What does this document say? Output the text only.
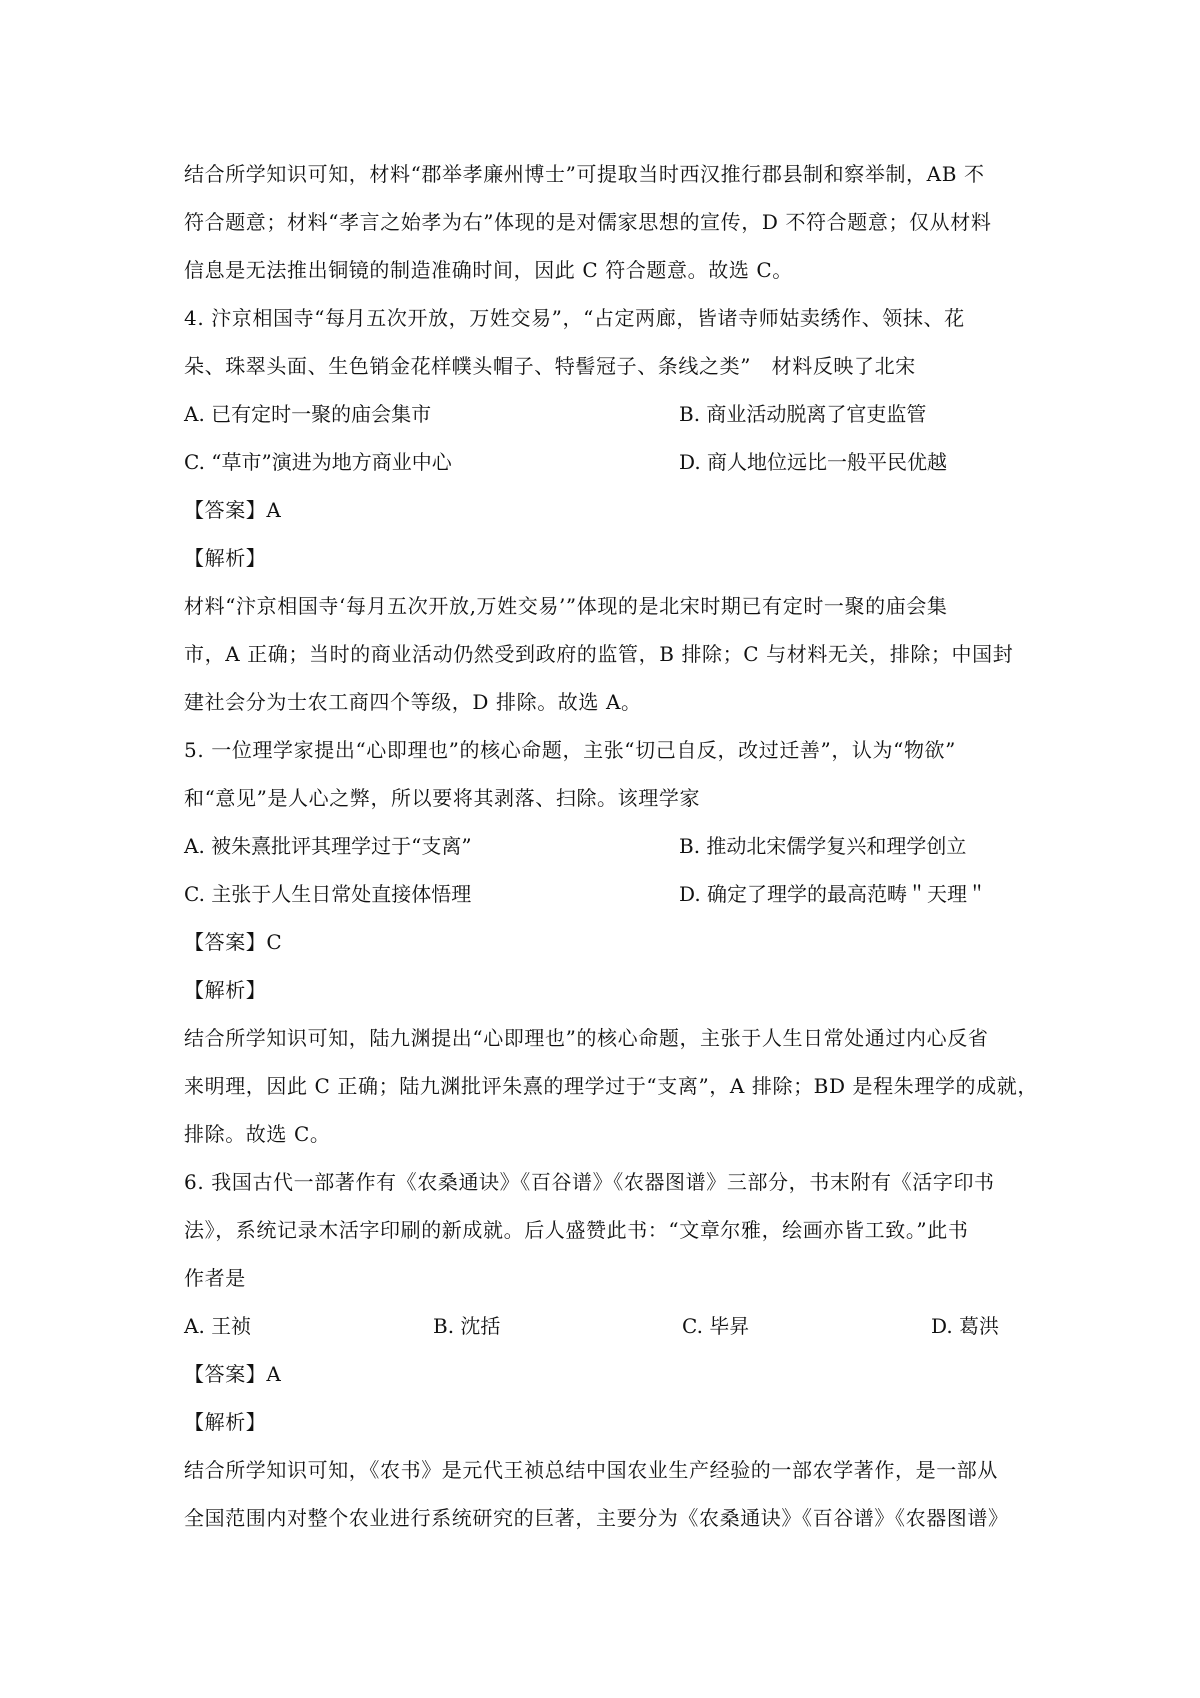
结合所学知识可知，材料“郡举孝廉州博士”可提取当时西汉推行郡县制和察举制，AB 不
符合题意；材料“孝言之始孝为右”体现的是对儒家思想的宣传，D 不符合题意；仅从材料
信息是无法推出铜镜的制造准确时间，因此 C 符合题意。故选 C。
4. 汴京相国寺“每月五次开放，万姓交易”，“占定两廊，皆诸寺师姑卖绣作、领抹、花
朵、珠翠头面、生色销金花样幞头帽子、特髻冠子、条线之类”　材料反映了北宋
A. 已有定时一聚的庙会集市	B. 商业活动脱离了官吏监管
C. “草市”演进为地方商业中心	D. 商人地位远比一般平民优越
【答案】A
【解析】
材料“汴京相国寺‘每月五次开放,万姓交易’”体现的是北宋时期已有定时一聚的庙会集
市，A 正确；当时的商业活动仍然受到政府的监管，B 排除；C 与材料无关，排除；中国封
建社会分为士农工商四个等级，D 排除。故选 A。
5. 一位理学家提出“心即理也”的核心命题，主张“切己自反，改过迁善”，认为“物欲”
和“意见”是人心之弊，所以要将其剥落、扫除。该理学家
A. 被朱熹批评其理学过于“支离”	B. 推动北宋儒学复兴和理学创立
C. 主张于人生日常处直接体悟理	D. 确定了理学的最高范畴＂天理＂
【答案】C
【解析】
结合所学知识可知，陆九渊提出“心即理也”的核心命题，主张于人生日常处通过内心反省
来明理，因此 C 正确；陆九渊批评朱熹的理学过于“支离”，A 排除；BD 是程朱理学的成就，
排除。故选 C。
6. 我国古代一部著作有《农桑通诀》《百谷谱》《农器图谱》三部分，书末附有《活字印书
法》，系统记录木活字印刷的新成就。后人盛赞此书：“文章尔雅，绘画亦皆工致。”此书
作者是
A. 王祯	B. 沈括	C. 毕昇	D. 葛洪
【答案】A
【解析】
结合所学知识可知，《农书》是元代王祯总结中国农业生产经验的一部农学著作，是一部从
全国范围内对整个农业进行系统研究的巨著，主要分为《农桑通诀》《百谷谱》《农器图谱》
